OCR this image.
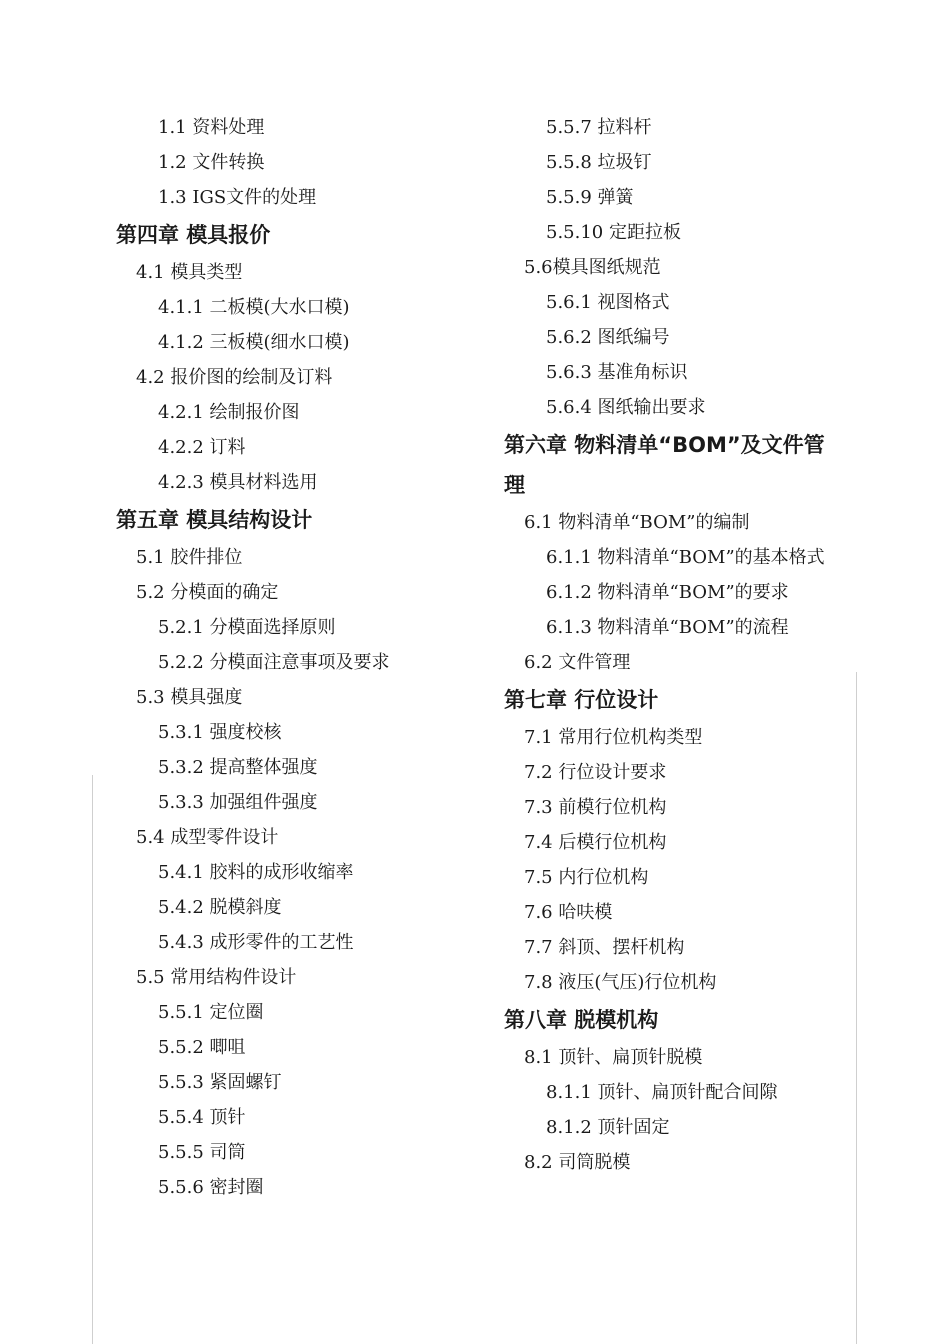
1.1 资料处理
1.2 文件转换
1.3 IGS文件的处理
第四章 模具报价
4.1 模具类型
4.1.1 二板模(大水口模)
4.1.2 三板模(细水口模)
4.2 报价图的绘制及订料
4.2.1 绘制报价图
4.2.2 订料
4.2.3 模具材料选用
第五章 模具结构设计
5.1 胶件排位
5.2 分模面的确定
5.2.1 分模面选择原则
5.2.2 分模面注意事项及要求
5.3 模具强度
5.3.1 强度校核
5.3.2 提高整体强度
5.3.3 加强组件强度
5.4 成型零件设计
5.4.1 胶料的成形收缩率
5.4.2 脱模斜度
5.4.3 成形零件的工艺性
5.5 常用结构件设计
5.5.1 定位圈
5.5.2 唧咀
5.5.3 紧固螺钉
5.5.4 顶针
5.5.5 司筒
5.5.6 密封圈
5.5.7 拉料杆
5.5.8 垃圾钉
5.5.9 弹簧
5.5.10 定距拉板
5.6模具图纸规范
5.6.1 视图格式
5.6.2 图纸编号
5.6.3 基准角标识
5.6.4 图纸输出要求
第六章 物料清单“BOM”及文件管理
6.1 物料清单“BOM”的编制
6.1.1 物料清单“BOM”的基本格式
6.1.2 物料清单“BOM”的要求
6.1.3 物料清单“BOM”的流程
6.2 文件管理
第七章 行位设计
7.1 常用行位机构类型
7.2 行位设计要求
7.3 前模行位机构
7.4 后模行位机构
7.5 内行位机构
7.6 哈呋模
7.7 斜顶、摆杆机构
7.8 液压(气压)行位机构
第八章 脱模机构
8.1 顶针、扁顶针脱模
8.1.1 顶针、扁顶针配合间隙
8.1.2 顶针固定
8.2 司筒脱模
